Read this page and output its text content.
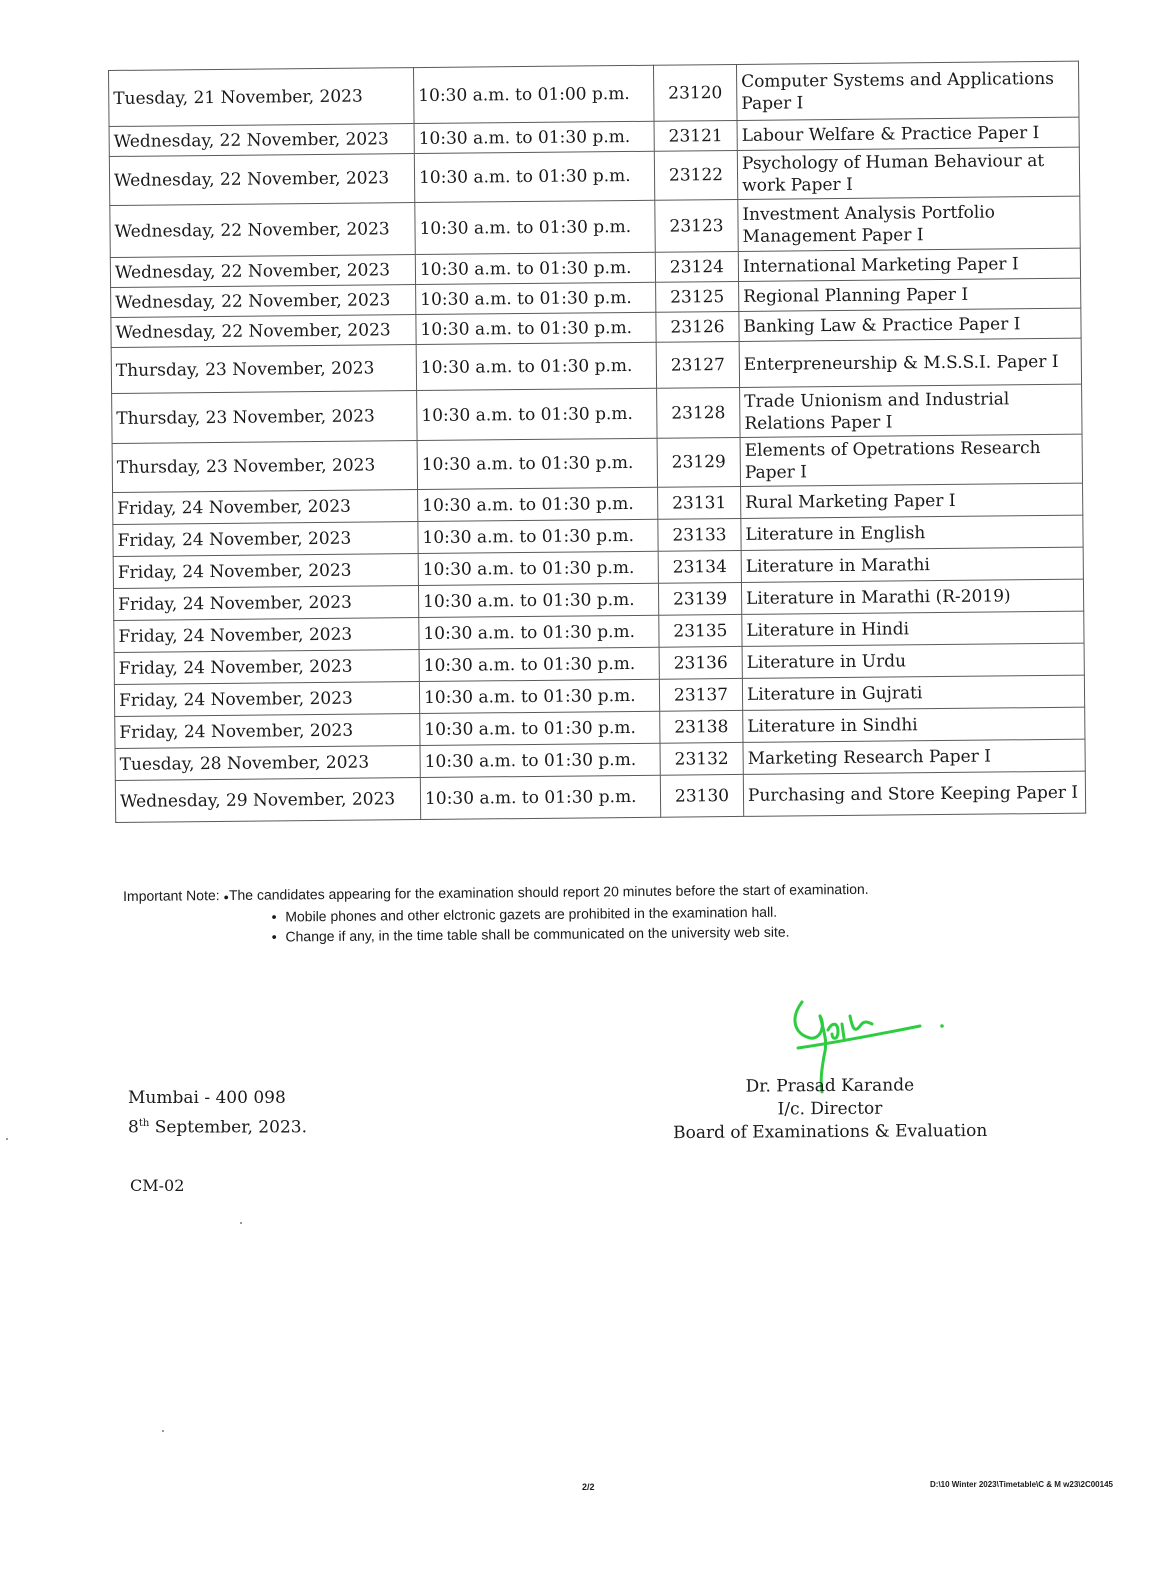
Tuesday, 21 November, 2023	10:30 a.m. to 01:00 p.m.	23120	Computer Systems and Applications Paper I
Wednesday, 22 November, 2023	10:30 a.m. to 01:30 p.m.	23121	Labour Welfare & Practice Paper I
Wednesday, 22 November, 2023	10:30 a.m. to 01:30 p.m.	23122	Psychology of Human Behaviour at work Paper I
Wednesday, 22 November, 2023	10:30 a.m. to 01:30 p.m.	23123	Investment Analysis Portfolio Management Paper I
Wednesday, 22 November, 2023	10:30 a.m. to 01:30 p.m.	23124	International Marketing Paper I
Wednesday, 22 November, 2023	10:30 a.m. to 01:30 p.m.	23125	Regional Planning Paper I
Wednesday, 22 November, 2023	10:30 a.m. to 01:30 p.m.	23126	Banking Law & Practice Paper I
Thursday, 23 November, 2023	10:30 a.m. to 01:30 p.m.	23127	Enterpreneurship & M.S.S.I. Paper I
Thursday, 23 November, 2023	10:30 a.m. to 01:30 p.m.	23128	Trade Unionism and Industrial Relations Paper I
Thursday, 23 November, 2023	10:30 a.m. to 01:30 p.m.	23129	Elements of Opetrations Research Paper I
Friday, 24 November, 2023	10:30 a.m. to 01:30 p.m.	23131	Rural Marketing Paper I
Friday, 24 November, 2023	10:30 a.m. to 01:30 p.m.	23133	Literature in English
Friday, 24 November, 2023	10:30 a.m. to 01:30 p.m.	23134	Literature in Marathi
Friday, 24 November, 2023	10:30 a.m. to 01:30 p.m.	23139	Literature in Marathi (R-2019)
Friday, 24 November, 2023	10:30 a.m. to 01:30 p.m.	23135	Literature in Hindi
Friday, 24 November, 2023	10:30 a.m. to 01:30 p.m.	23136	Literature in Urdu
Friday, 24 November, 2023	10:30 a.m. to 01:30 p.m.	23137	Literature in Gujrati
Friday, 24 November, 2023	10:30 a.m. to 01:30 p.m.	23138	Literature in Sindhi
Tuesday, 28 November, 2023	10:30 a.m. to 01:30 p.m.	23132	Marketing Research Paper I
Wednesday, 29 November, 2023	10:30 a.m. to 01:30 p.m.	23130	Purchasing and Store Keeping Paper I
Important Note: ●The candidates appearing for the examination should report 20 minutes before the start of examination.
● Mobile phones and other elctronic gazets are prohibited in the examination hall.
● Change if any, in the time table shall be communicated on the university web site.
Mumbai - 400 098
8th September, 2023.
CM-02
Dr. Prasad Karande
I/c. Director
Board of Examinations & Evaluation
2/2	D:\10 Winter 2023\Timetable\C & M w23\2C00145
